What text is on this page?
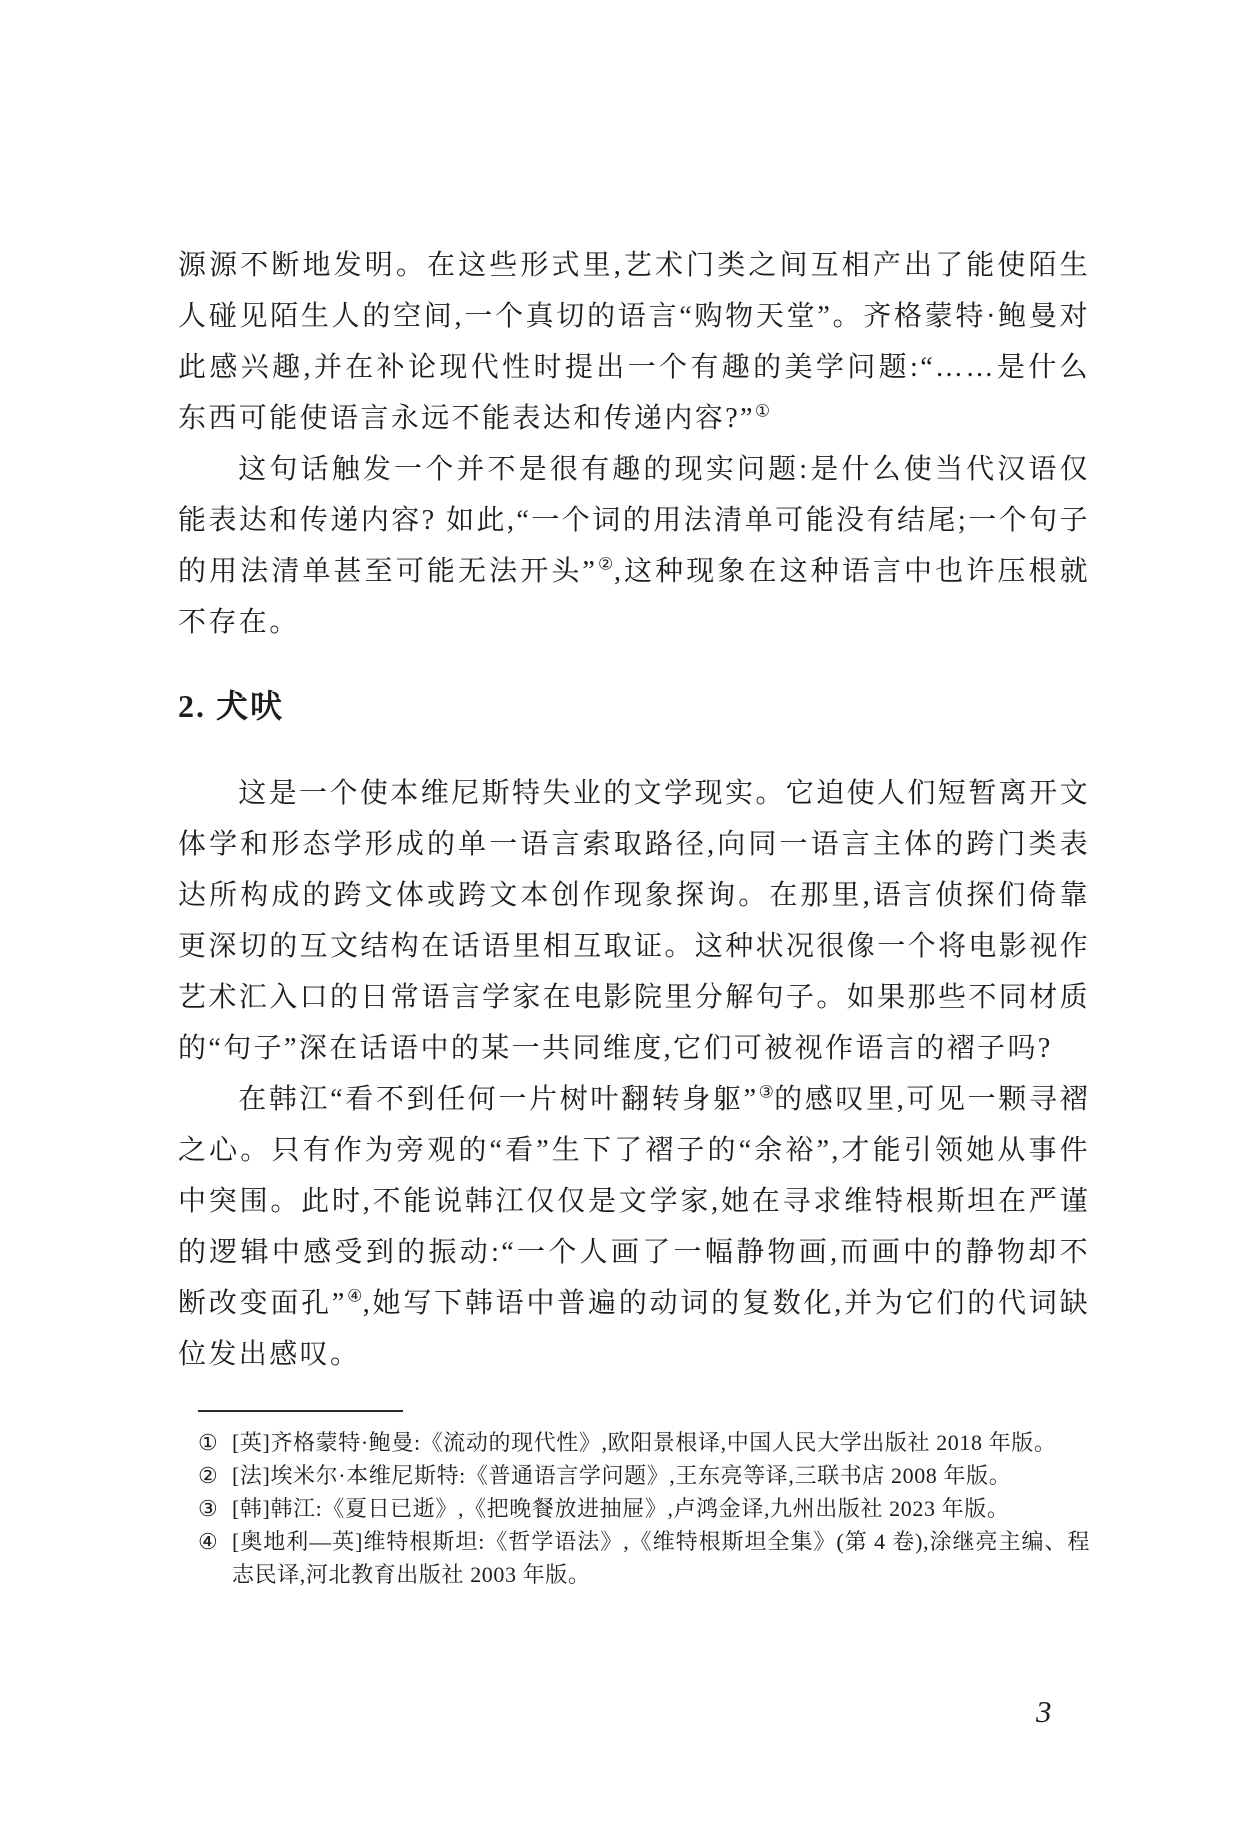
源源不断地发明。在这些形式里,艺术门类之间互相产出了能使陌生人碰见陌生人的空间,一个真切的语言“购物天堂”。齐格蒙特·鲍曼对此感兴趣,并在补论现代性时提出一个有趣的美学问题:“……是什么东西可能使语言永远不能表达和传递内容?”①

这句话触发一个并不是很有趣的现实问题:是什么使当代汉语仅能表达和传递内容? 如此,“一个词的用法清单可能没有结尾;一个句子的用法清单甚至可能无法开头”②,这种现象在这种语言中也许压根就不存在。

2. 犬吠

这是一个使本维尼斯特失业的文学现实。它迫使人们短暂离开文体学和形态学形成的单一语言索取路径,向同一语言主体的跨门类表达所构成的跨文体或跨文本创作现象探询。在那里,语言侦探们倚靠更深切的互文结构在话语里相互取证。这种状况很像一个将电影视作艺术汇入口的日常语言学家在电影院里分解句子。如果那些不同材质的“句子”深在话语中的某一共同维度,它们可被视作语言的褶子吗?

在韩江“看不到任何一片树叶翻转身躯”③的感叹里,可见一颗寻褶之心。只有作为旁观的“看”生下了褶子的“余裕”,才能引领她从事件中突围。此时,不能说韩江仅仅是文学家,她在寻求维特根斯坦在严谨的逻辑中感受到的振动:“一个人画了一幅静物画,而画中的静物却不断改变面孔”④,她写下韩语中普遍的动词的复数化,并为它们的代词缺位发出感叹。

① [英]齐格蒙特·鲍曼:《流动的现代性》,欧阳景根译,中国人民大学出版社 2018 年版。
② [法]埃米尔·本维尼斯特:《普通语言学问题》,王东亮等译,三联书店 2008 年版。
③ [韩]韩江:《夏日已逝》,《把晚餐放进抽屉》,卢鸿金译,九州出版社 2023 年版。
④ [奥地利—英]维特根斯坦:《哲学语法》,《维特根斯坦全集》(第 4 卷),涂继亮主编、程志民译,河北教育出版社 2003 年版。
3
